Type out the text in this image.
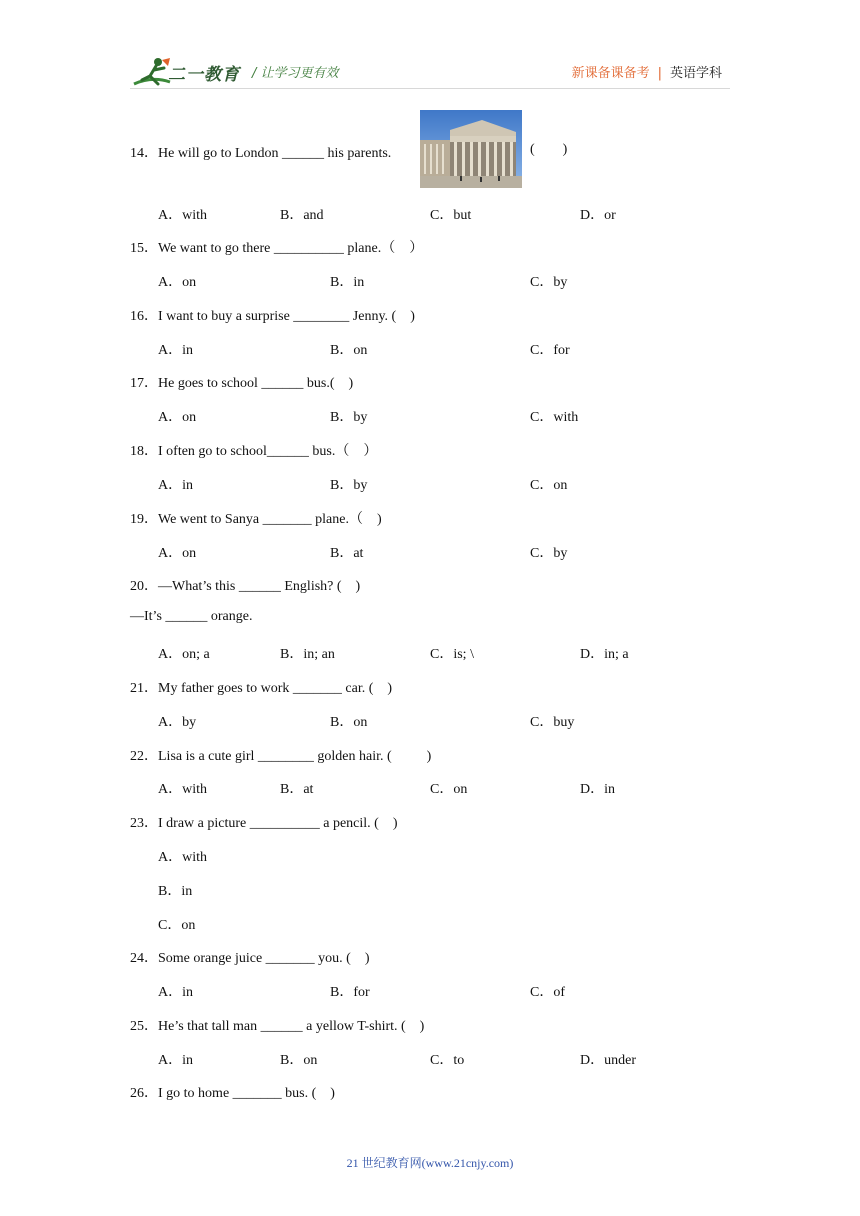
二一教育 / 让学习更有效	新课备课备考 | 英语学科
14．He will go to London ______ his parents.	(        )
A．with	B．and	C．but	D．or
15．We want to go there __________ plane.（    ）
A．on	B．in	C．by
16．I want to buy a surprise ________ Jenny. (    )
A．in	B．on	C．for
17．He goes to school ______ bus.(    )
A．on	B．by	C．with
18．I often go to school______ bus.（    ）
A．in	B．by	C．on
19．We went to Sanya _______ plane.（    )
A．on	B．at	C．by
20．—What’s this ______ English? (    )
—It’s ______ orange.
A．on; a	B．in; an	C．is; \	D．in; a
21．My father goes to work _______ car. (    )
A．by	B．on	C．buy
22．Lisa is a cute girl ________ golden hair. (          )
A．with	B．at	C．on	D．in
23．I draw a picture __________ a pencil. (    )
A．with
B．in
C．on
24．Some orange juice _______ you. (    )
A．in	B．for	C．of
25．He’s that tall man ______ a yellow T-shirt. (    )
A．in	B．on	C．to	D．under
26．I go to home _______ bus. (    )
21 世纪教育网(www.21cnjy.com)
